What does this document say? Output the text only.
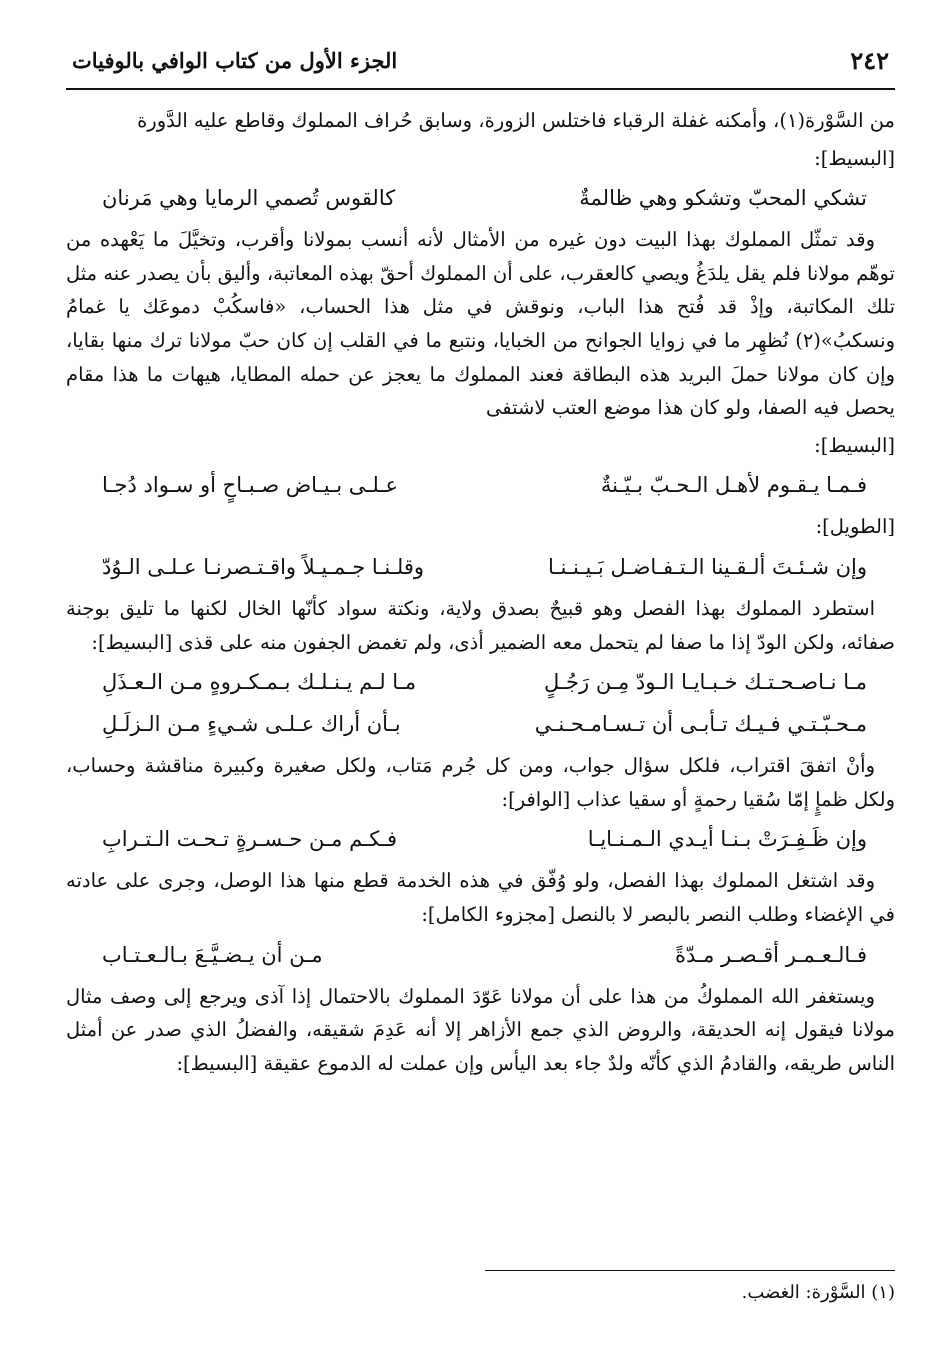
٢٤٢
الجزء الأول من كتاب الوافي بالوفيات

من السَّوْرة(١)، وأمكنه غفلة الرقباء فاختلس الزورة، وسابق حُراف المملوك وقاطع عليه الدَّورة

[البسيط]:
تشكي المحبّ وتشكو وهي ظالمةٌ
كالقوس تُصمي الرمايا وهي مَرنان

وقد تمثّل المملوك بهذا البيت دون غيره من الأمثال لأنه أنسب بمولانا وأقرب، وتخيَّلَ ما يَعْهده من توهّم مولانا فلم يقل يلدَغُ ويصي كالعقرب، على أن المملوك أحقّ بهذه المعاتبة، وأليق بأن يصدر عنه مثل تلك المكاتبة، وإذْ قد فُتح هذا الباب، ونوقش في مثل هذا الحساب، «فاسكُبْ دموعَك يا غمامُ ونسكبُ»(٢) نُظهِر ما في زوايا الجوانح من الخبايا، ونتبع ما في القلب إن كان حبّ مولانا ترك منها بقايا، وإن كان مولانا حملَ البريد هذه البطاقة فعند المملوك ما يعجز عن حمله المطايا، هيهات ما هذا مقام يحصل فيه الصفا، ولو كان هذا موضع العتب لاشتفى

[البسيط]:
فـمـا يـقـوم لأهـل الـحـبّ بـيّـنةٌ
عـلـى بـيـاض صـبـاحٍ أو سـواد دُجـا
[الطويل]:
وإن شـئـتَ ألـقـينا الـتـفـاضـل بَـيـنـنـا
وقلـنـا جـمـيـلاً واقـتـصرنـا عـلـى الـوُدّ

استطرد المملوك بهذا الفصل وهو قبيحٌ بصدق ولاية، ونكتة سواد كأنّها الخال لكنها ما تليق بوجنة صفائه، ولكن الودّ إذا ما صفا لم يتحمل معه الضمير أذى، ولم تغمض الجفون منه على قذى [البسيط]:

مـا نـاصـحـتـك خـبـايـا الـودّ مِـن رَجُـلٍ
مـا لـم يـنـلـك بـمـكـروهٍ مـن الـعـذَلِ
مـحـبّـتـي فـيـك تـأبـى أن تـسـامـحـنـي
بـأن أراك عـلـى شـيءٍ مـن الـزلَـلِ

وأنْ اتفقَ اقتراب، فلكل سؤال جواب، ومن كل جُرم مَتاب، ولكل صغيرة وكبيرة مناقشة وحساب، ولكل ظمإٍ إمّا سُقيا رحمةٍ أو سقيا عذاب [الوافر]:

وإن ظَـفِـرَتْ بـنـا أيـدي الـمـنـايـا
فـكـم مـن حـسـرةٍ تـحـت الـتـرابِ

وقد اشتغل المملوك بهذا الفصل، ولو وُفّق في هذه الخدمة قطع منها هذا الوصل، وجرى على عادته في الإغضاء وطلب النصر بالبصر لا بالنصل [مجزوء الكامل]:

فـالـعـمـر أقـصـر مـدّةً
مـن أن يـضـيَّـعَ بـالـعـتـاب

ويستغفر الله المملوكُ من هذا على أن مولانا عَوّدَ المملوك بالاحتمال إذا آذى ويرجع إلى وصف مثال مولانا فيقول إنه الحديقة، والروض الذي جمع الأزاهر إلا أنه عَدِمَ شقيقه، والفضلُ الذي صدر عن أمثل الناس طريقه، والقادمُ الذي كأنّه ولدٌ جاء بعد اليأس وإن عملت له الدموع عقيقة [البسيط]:

(١) السَّوْرة: الغضب.
